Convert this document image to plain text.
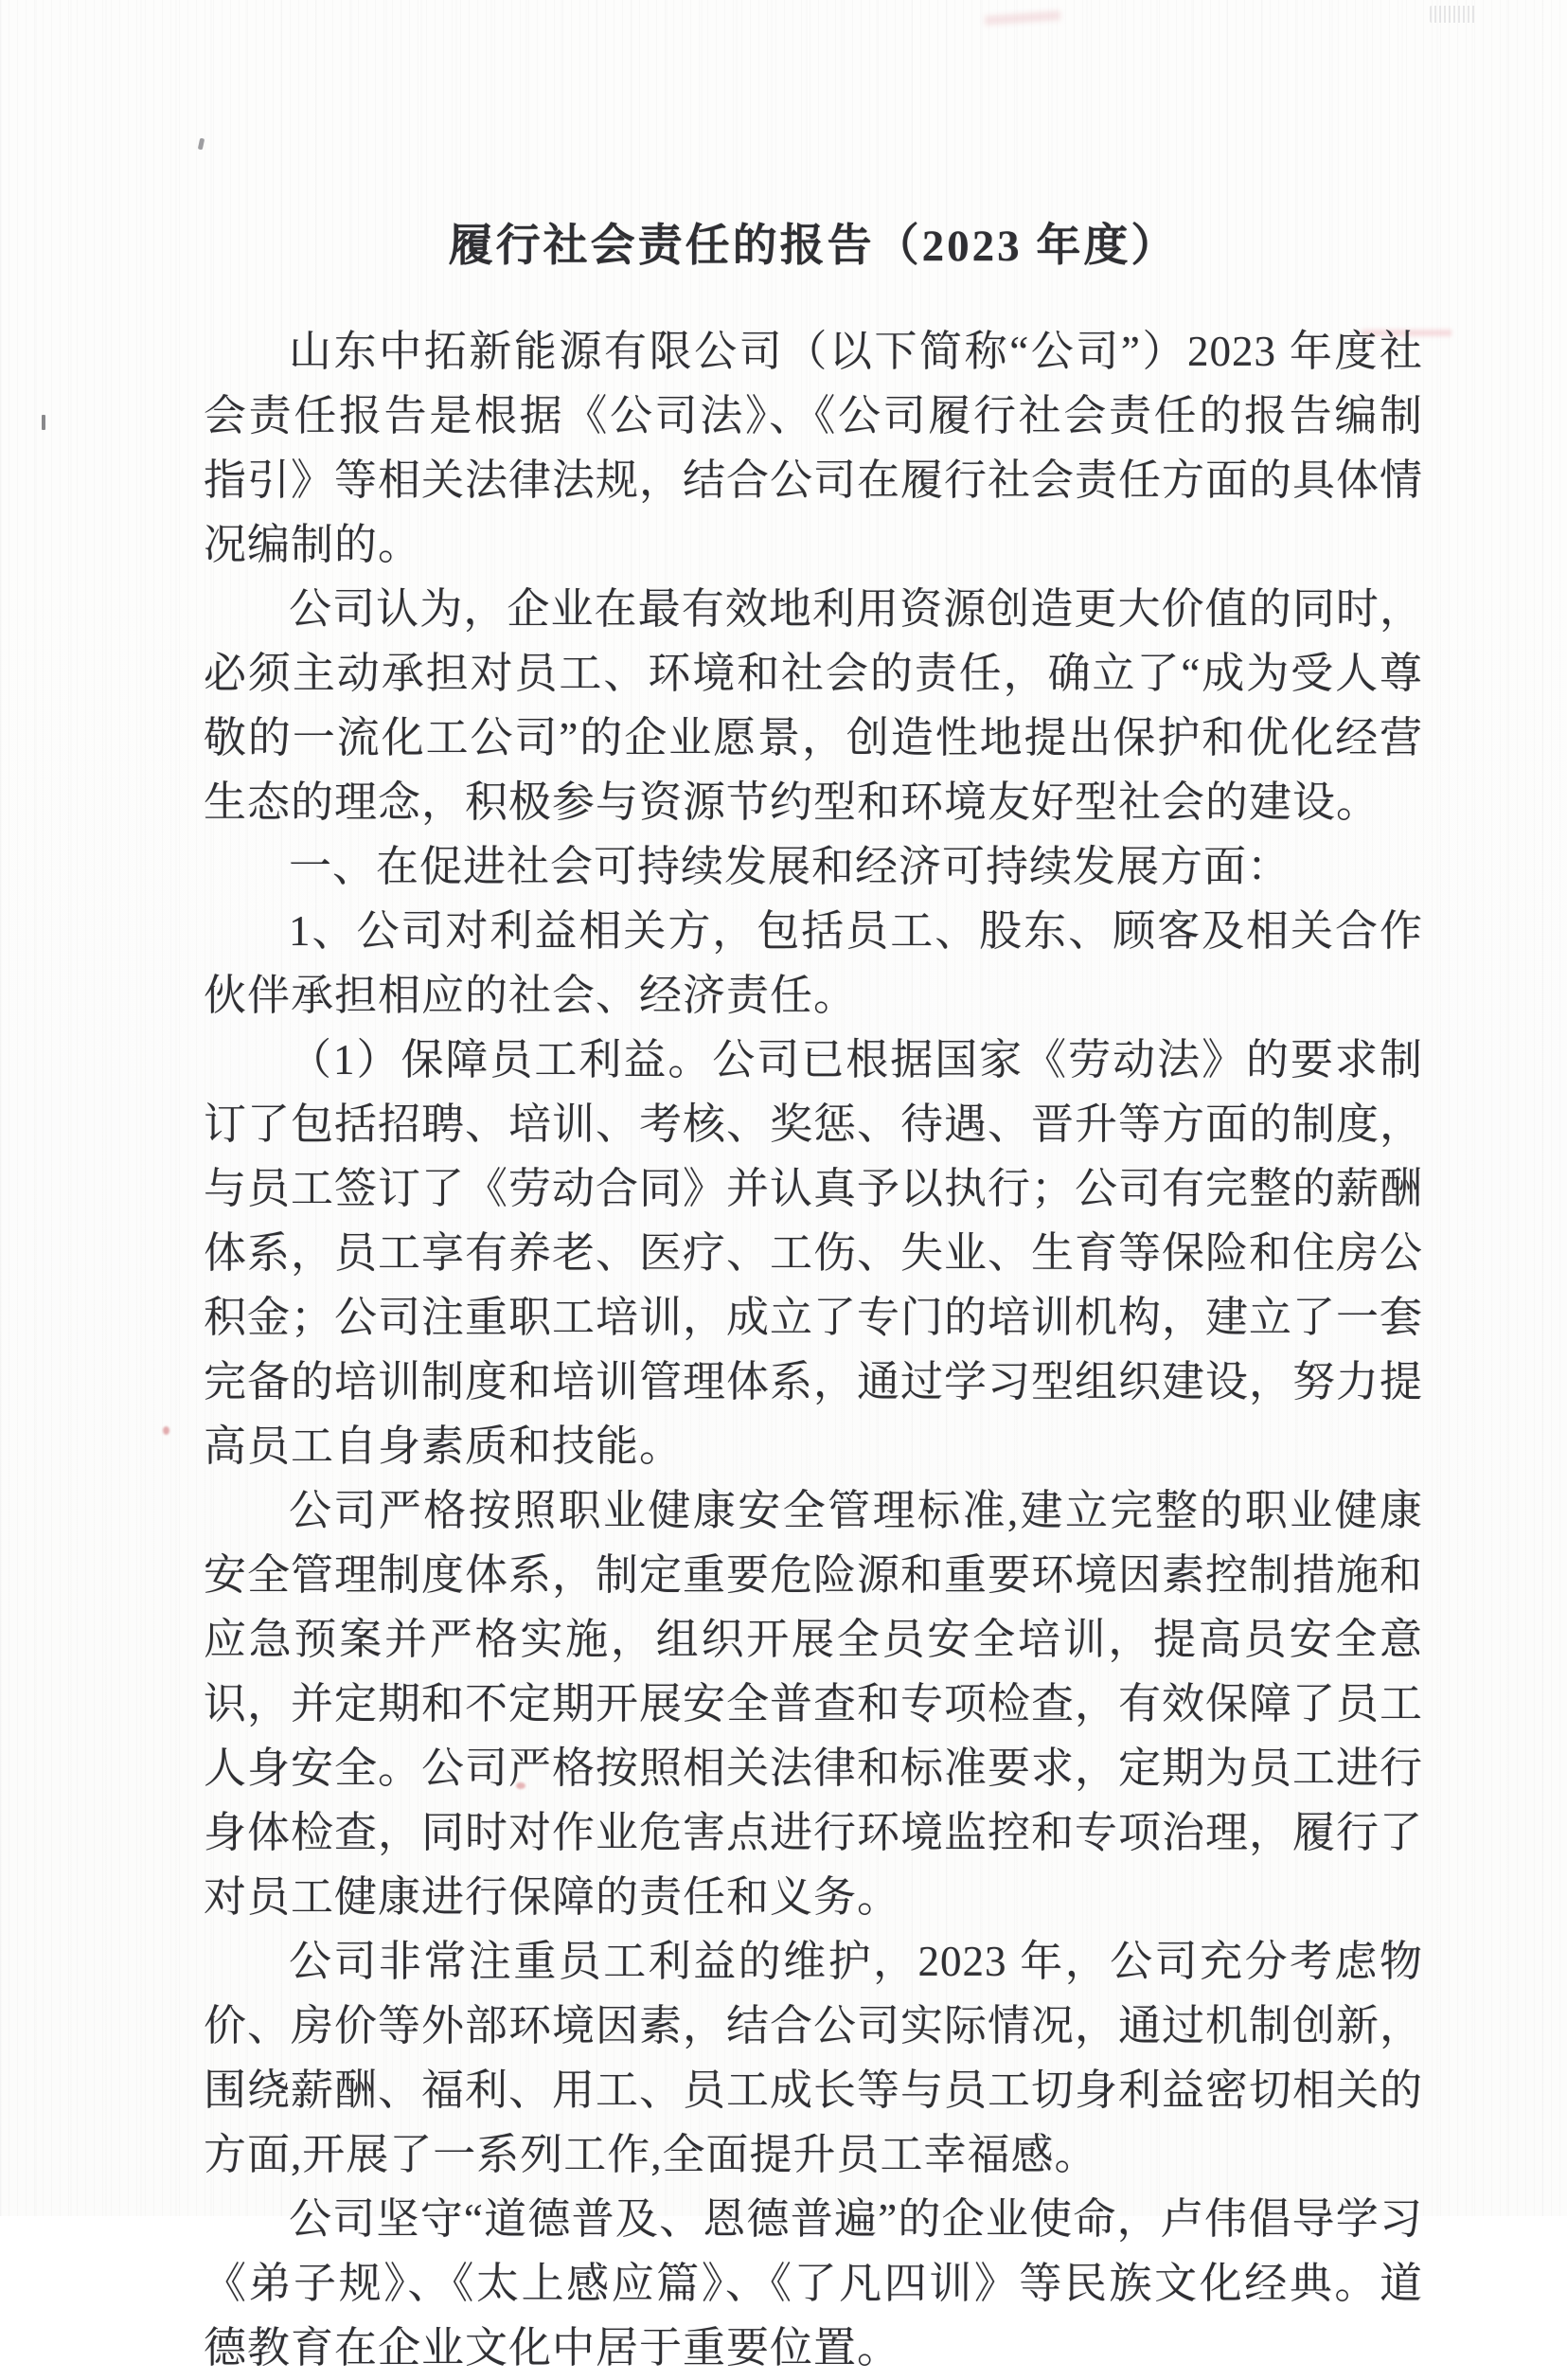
履行社会责任的报告（2023 年度）

山东中拓新能源有限公司（以下简称“公司”）2023 年度社会责任报告是根据《公司法》、《公司履行社会责任的报告编制指引》等相关法律法规，结合公司在履行社会责任方面的具体情况编制的。

公司认为，企业在最有效地利用资源创造更大价值的同时，必须主动承担对员工、环境和社会的责任，确立了“成为受人尊敬的一流化工公司”的企业愿景，创造性地提出保护和优化经营生态的理念，积极参与资源节约型和环境友好型社会的建设。

一、在促进社会可持续发展和经济可持续发展方面：

1、公司对利益相关方，包括员工、股东、顾客及相关合作伙伴承担相应的社会、经济责任。

（1）保障员工利益。公司已根据国家《劳动法》的要求制订了包括招聘、培训、考核、奖惩、待遇、晋升等方面的制度，与员工签订了《劳动合同》并认真予以执行；公司有完整的薪酬体系，员工享有养老、医疗、工伤、失业、生育等保险和住房公积金；公司注重职工培训，成立了专门的培训机构，建立了一套完备的培训制度和培训管理体系，通过学习型组织建设，努力提高员工自身素质和技能。

公司严格按照职业健康安全管理标准,建立完整的职业健康安全管理制度体系，制定重要危险源和重要环境因素控制措施和应急预案并严格实施，组织开展全员安全培训，提高员安全意识，并定期和不定期开展安全普查和专项检查，有效保障了员工人身安全。公司严格按照相关法律和标准要求，定期为员工进行身体检查，同时对作业危害点进行环境监控和专项治理，履行了对员工健康进行保障的责任和义务。

公司非常注重员工利益的维护，2023 年，公司充分考虑物价、房价等外部环境因素，结合公司实际情况，通过机制创新，围绕薪酬、福利、用工、员工成长等与员工切身利益密切相关的方面,开展了一系列工作,全面提升员工幸福感。

公司坚守“道德普及、恩德普遍”的企业使命，卢伟倡导学习《弟子规》、《太上感应篇》、《了凡四训》等民族文化经典。道德教育在企业文化中居于重要位置。
